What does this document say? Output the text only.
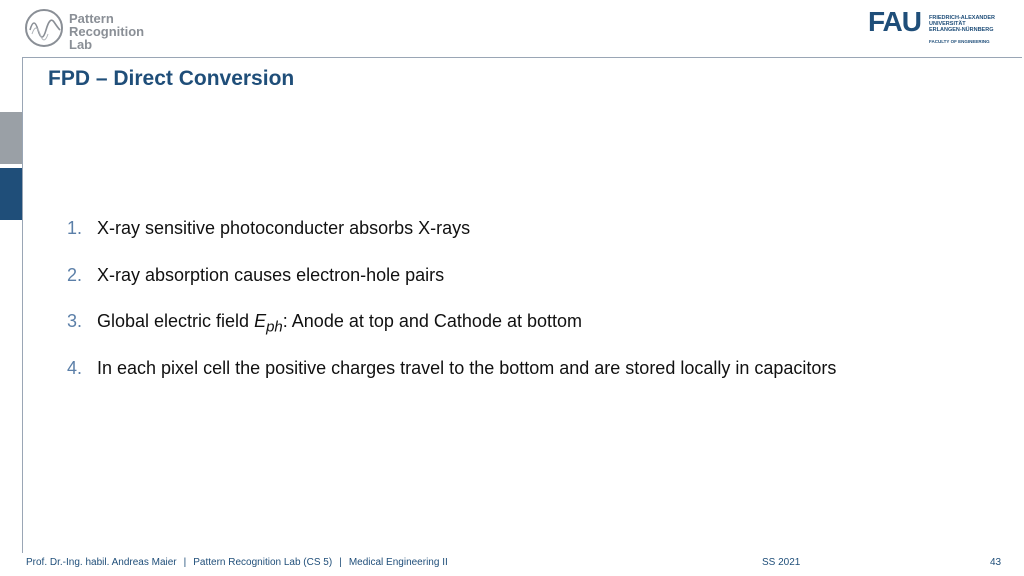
Pattern
Recognition
Lab
FAU FRIEDRICH-ALEXANDER
UNIVERSITÄT
ERLANGEN-NÜRNBERG
FACULTY OF ENGINEERING
FPD – Direct Conversion
1. X-ray sensitive photoconducter absorbs X-rays
2. X-ray absorption causes electron-hole pairs
3. Global electric field $E_{ph}$: Anode at top and Cathode at bottom
4. In each pixel cell the positive charges travel to the bottom and are stored locally in capacitors
Prof. Dr.-Ing. habil. Andreas Maier | Pattern Recognition Lab (CS 5) | Medical Engineering II	SS 2021	43
